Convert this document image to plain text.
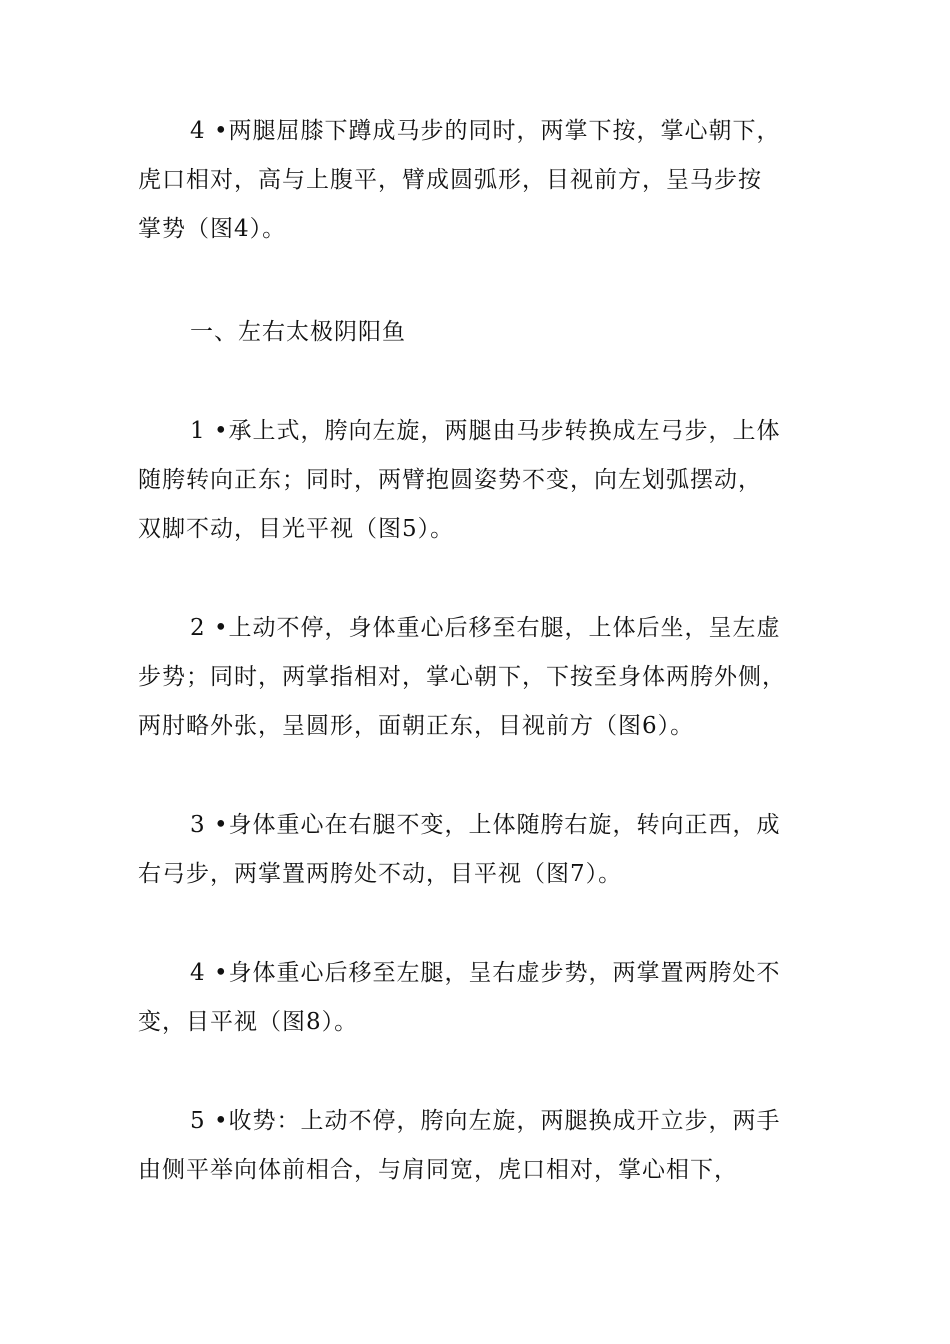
4 •两腿屈膝下蹲成马步的同时，两掌下按，掌心朝下，
虎口相对，高与上腹平，臂成圆弧形，目视前方，呈马步按
掌势（图4）。

一、左右太极阴阳鱼

1 •承上式，胯向左旋，两腿由马步转换成左弓步，上体
随胯转向正东；同时，两臂抱圆姿势不变，向左划弧摆动，
双脚不动，目光平视（图5）。

2 •上动不停，身体重心后移至右腿，上体后坐，呈左虚
步势；同时，两掌指相对，掌心朝下，下按至身体两胯外侧，
两肘略外张，呈圆形，面朝正东，目视前方（图6）。

3 •身体重心在右腿不变，上体随胯右旋，转向正西，成
右弓步，两掌置两胯处不动，目平视（图7）。

4 •身体重心后移至左腿，呈右虚步势，两掌置两胯处不
变，目平视（图8）。

5 •收势：上动不停，胯向左旋，两腿换成开立步，两手
由侧平举向体前相合，与肩同宽，虎口相对，掌心相下，
